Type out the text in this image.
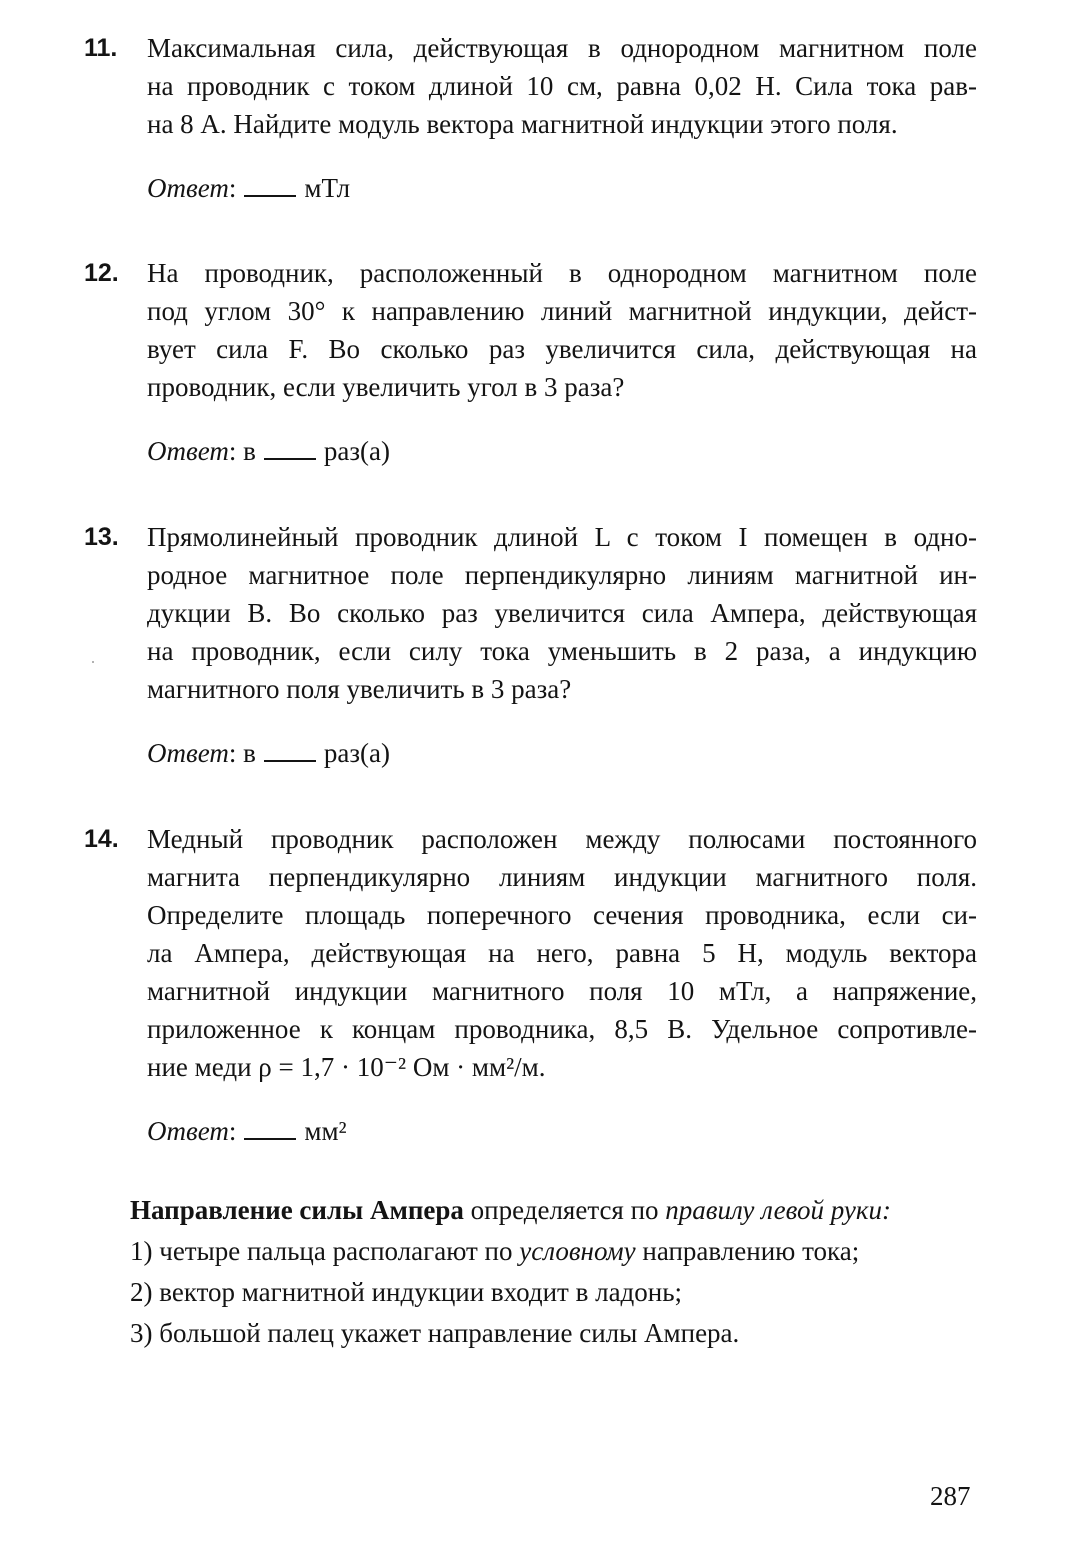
11. Максимальная сила, действующая в однородном магнитном поле
на проводник с током длиной 10 см, равна 0,02 Н. Сила тока рав-
на 8 А. Найдите модуль вектора магнитной индукции этого поля.
Ответ:	мТл
12. На проводник, расположенный в однородном магнитном поле
под углом 30° к направлению линий магнитной индукции, дейст-
вует сила F. Во сколько раз увеличится сила, действующая на
проводник, если увеличить угол в 3 раза?
Ответ: в	раз(а)
13. Прямолинейный проводник длиной L с током I помещен в одно-
родное магнитное поле перпендикулярно линиям магнитной ин-
дукции B. Во сколько раз увеличится сила Ампера, действующая
на проводник, если силу тока уменьшить в 2 раза, а индукцию
магнитного поля увеличить в 3 раза?
Ответ: в	раз(а)
14. Медный проводник расположен между полюсами постоянного
магнита перпендикулярно линиям индукции магнитного поля.
Определите площадь поперечного сечения проводника, если си-
ла Ампера, действующая на него, равна 5 Н, модуль вектора
магнитной индукции магнитного поля 10 мТл, а напряжение,
приложенное к концам проводника, 8,5 В. Удельное сопротивле-
ние меди ρ = 1,7 · 10⁻² Ом · мм²/м.
Ответ:	мм²
Направление силы Ампера определяется по правилу левой руки:
1) четыре пальца располагают по условному направлению тока;
2) вектор магнитной индукции входит в ладонь;
3) большой палец укажет направление силы Ампера.
287
